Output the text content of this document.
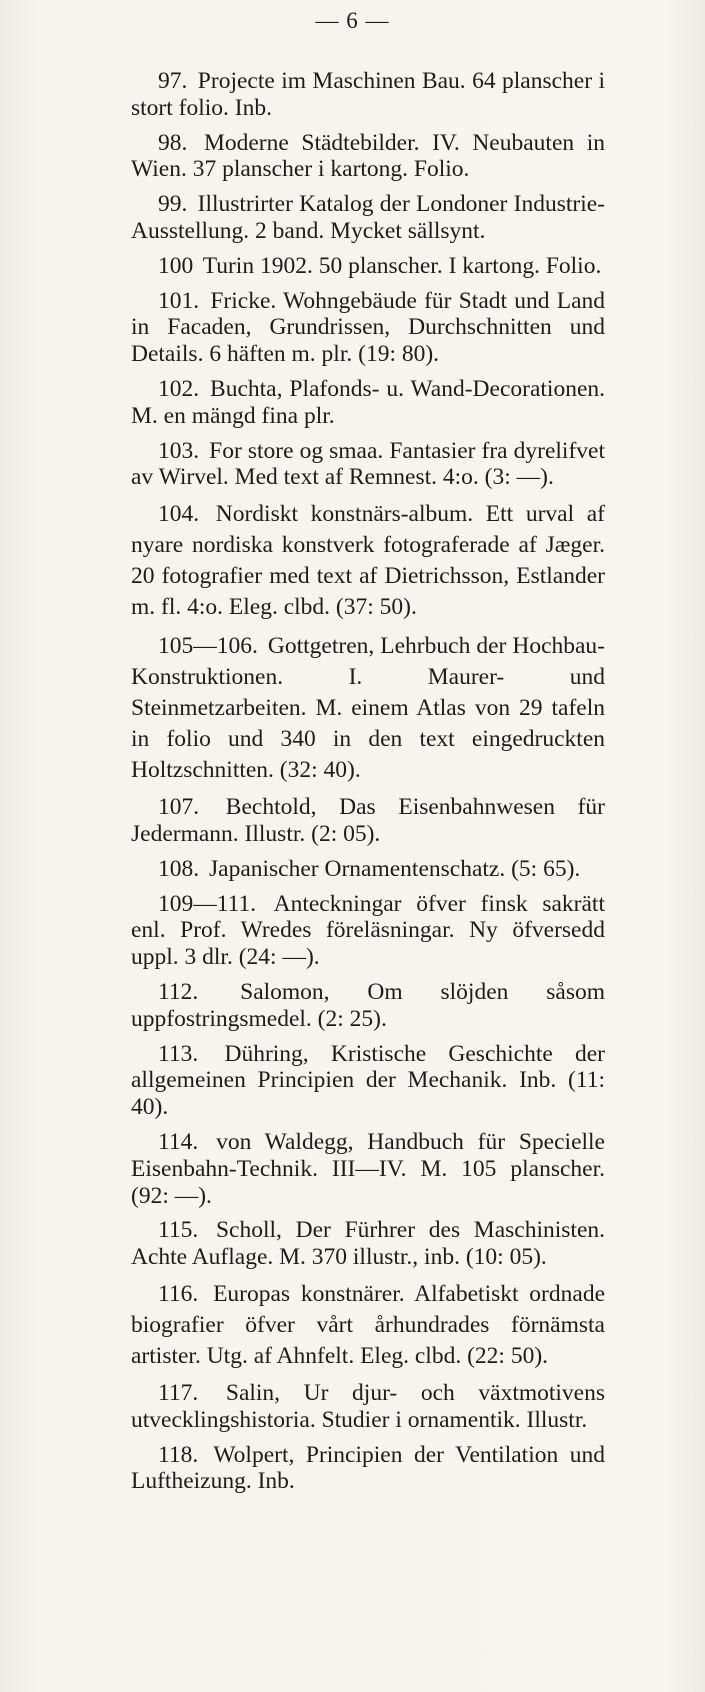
— 6 —

97. Projecte im Maschinen Bau. 64 planscher i stort folio. Inb.

98. Moderne Städtebilder. IV. Neubauten in Wien. 37 planscher i kartong. Folio.

99. Illustrirter Katalog der Londoner Industrie-Ausstellung. 2 band. Mycket sällsynt.

100 Turin 1902. 50 planscher. I kartong. Folio.

101. Fricke. Wohngebäude für Stadt und Land in Facaden, Grundrissen, Durchschnitten und Details. 6 häften m. plr. (19: 80).

102. Buchta, Plafonds- u. Wand-Decorationen. M. en mängd fina plr.

103. For store og smaa. Fantasier fra dyrelifvet av Wirvel. Med text af Remnest. 4:o. (3: —).

104. Nordiskt konstnärs-album. Ett urval af nyare nordiska konstverk fotograferade af Jæger. 20 fotografier med text af Dietrichsson, Estlander m. fl. 4:o. Eleg. clbd. (37: 50).

105—106. Gottgetren, Lehrbuch der Hochbau-Konstruktionen. I. Maurer- und Steinmetzarbeiten. M. einem Atlas von 29 tafeln in folio und 340 in den text eingedruckten Holtzschnitten. (32: 40).

107. Bechtold, Das Eisenbahnwesen für Jedermann. Illustr. (2: 05).

108. Japanischer Ornamentenschatz. (5: 65).

109—111. Anteckningar öfver finsk sakrätt enl. Prof. Wredes föreläsningar. Ny öfversedd uppl. 3 dlr. (24: —).

112. Salomon, Om slöjden såsom uppfostringsmedel. (2: 25).

113. Dühring, Kristische Geschichte der allgemeinen Principien der Mechanik. Inb. (11: 40).

114. von Waldegg, Handbuch für Specielle Eisenbahn-Technik. III—IV. M. 105 planscher. (92: —).

115. Scholl, Der Fürhrer des Maschinisten. Achte Auflage. M. 370 illustr., inb. (10: 05).

116. Europas konstnärer. Alfabetiskt ordnade biografier öfver vårt århundrades förnämsta artister. Utg. af Ahnfelt. Eleg. clbd. (22: 50).

117. Salin, Ur djur- och växtmotivens utvecklingshistoria. Studier i ornamentik. Illustr.

118. Wolpert, Principien der Ventilation und Luftheizung. Inb.
